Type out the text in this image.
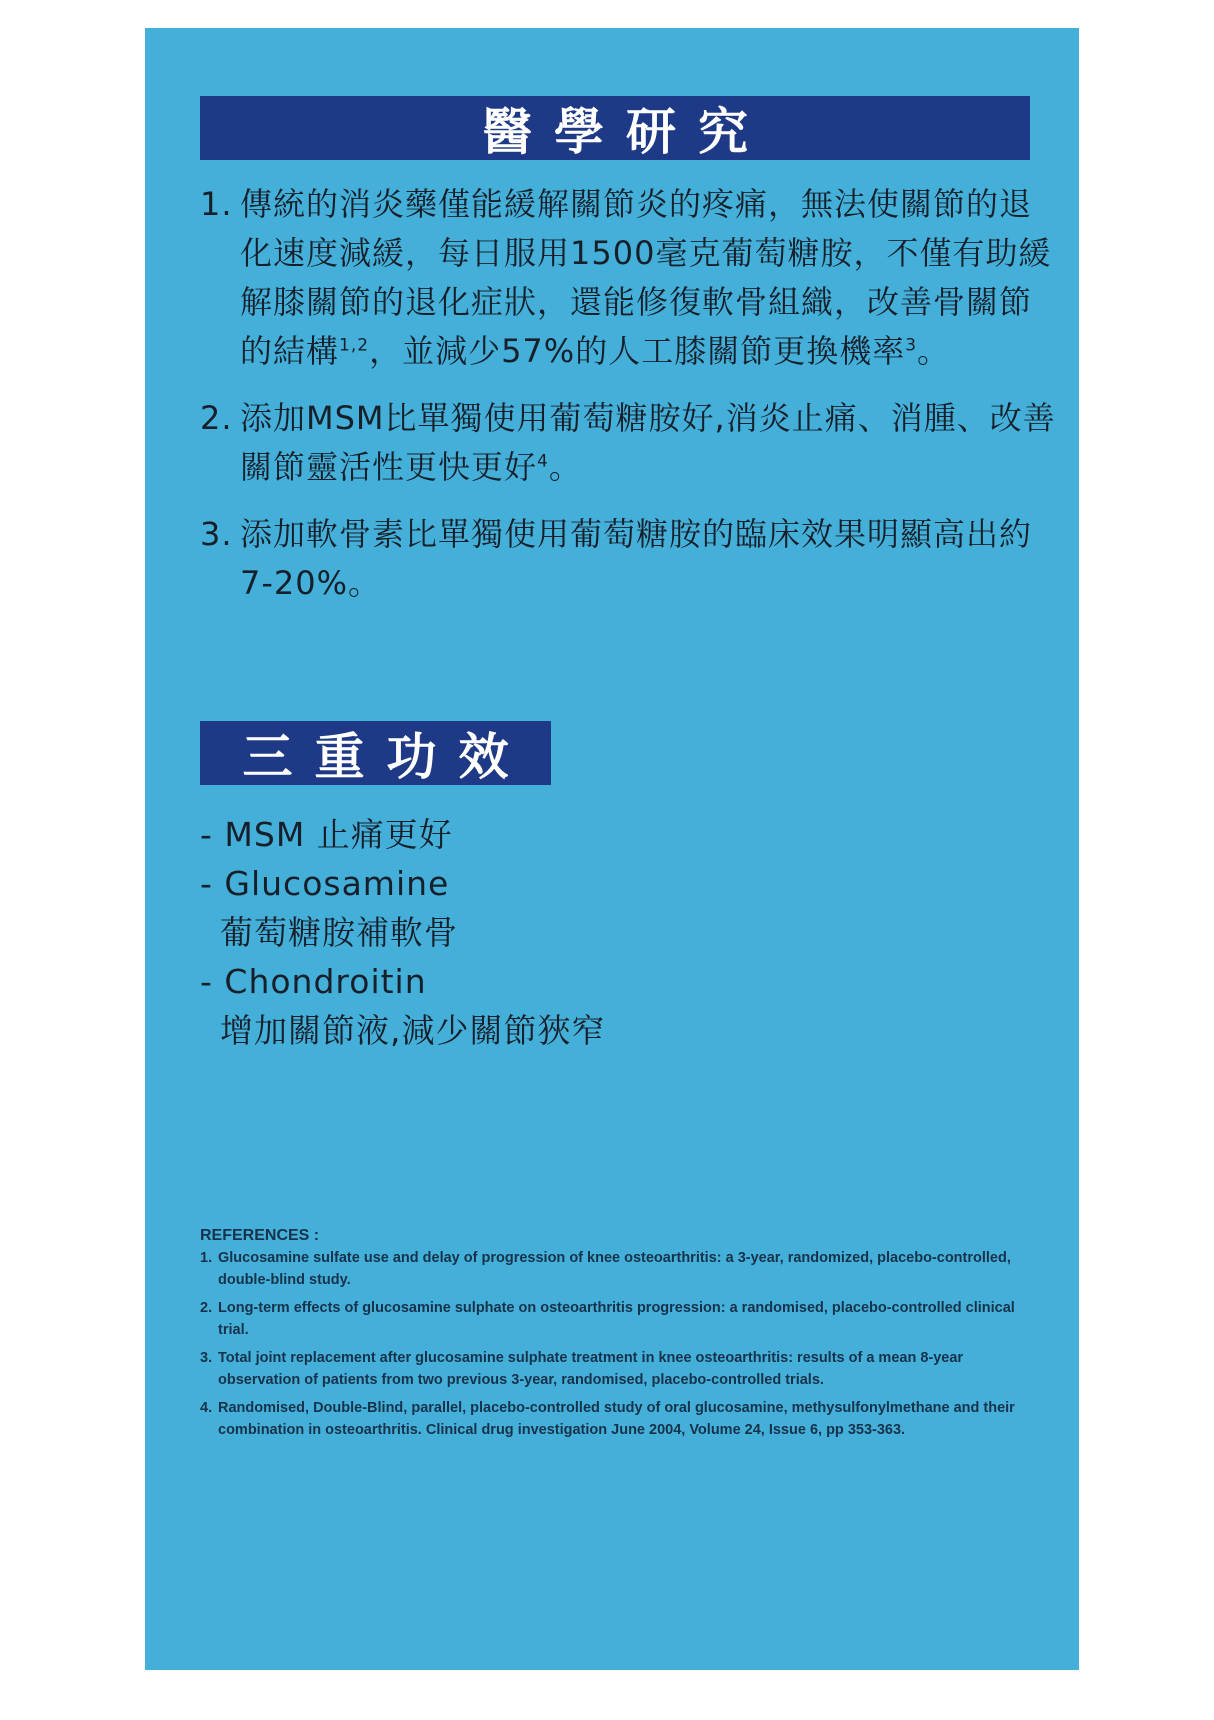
醫學研究
1. 傳統的消炎藥僅能緩解關節炎的疼痛，無法使關節的退化速度減緩，每日服用1500毫克葡萄糖胺，不僅有助緩解膝關節的退化症狀，還能修復軟骨組織，改善骨關節的結構$^{1,2}$，並減少57%的人工膝關節更換機率$^3$。
2. 添加MSM比單獨使用葡萄糖胺好,消炎止痛、消腫、改善關節靈活性更快更好$^4$。
3. 添加軟骨素比單獨使用葡萄糖胺的臨床效果明顯高出約7-20%。
三重功效
- MSM 止痛更好
- Glucosamine
葡萄糖胺補軟骨
- Chondroitin
增加關節液,減少關節狹窄
REFERENCES :
1. Glucosamine sulfate use and delay of progression of knee osteoarthritis: a 3-year, randomized, placebo-controlled, double-blind study.
2. Long-term effects of glucosamine sulphate on osteoarthritis progression: a randomised, placebo-controlled clinical trial.
3. Total joint replacement after glucosamine sulphate treatment in knee osteoarthritis: results of a mean 8-year observation of patients from two previous 3-year, randomised, placebo-controlled trials.
4. Randomised, Double-Blind, parallel, placebo-controlled study of oral glucosamine, methysulfonylmethane and their combination in osteoarthritis. Clinical drug investigation June 2004, Volume 24, Issue 6, pp 353-363.
